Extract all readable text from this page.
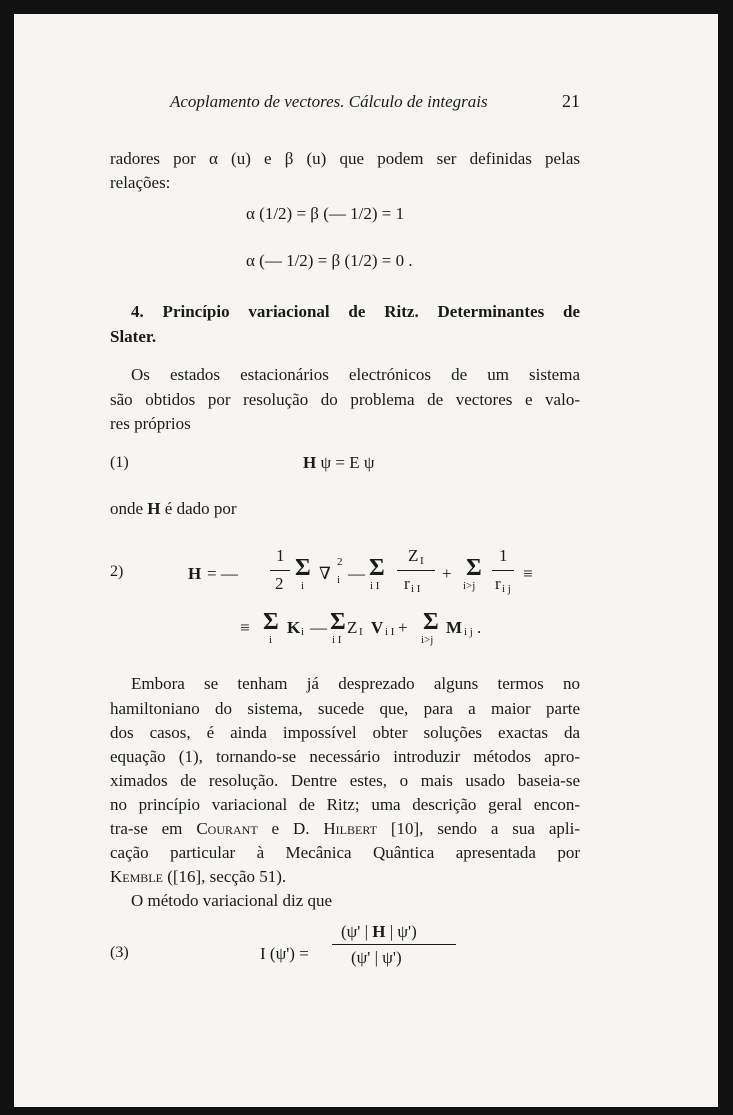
Acoplamento de vectores. Cálculo de integrais	21
radores por α (u) e β (u) que podem ser definidas pelas
relações:
α (1/2) = β (— 1/2) = 1
α (— 1/2) = β (1/2) = 0 .
4. Princípio variacional de Ritz. Determinantes de
Slater.
Os estados estacionários electrónicos de um sistema
são obtidos por resolução do problema de vectores e valo-
res próprios
(1)	H ψ = E ψ
onde H é dado por
2)	H = —
1
2
Σ
i
∇
2
i — Σ
i I
Z I
r i I
+ Σ
i>j
1
r i j
≡
≡ Σ
i
K i — Σ
i I
Z I V i I + Σ
i>j
M i j .
Embora se tenham já desprezado alguns termos no
hamiltoniano do sistema, sucede que, para a maior parte
dos casos, é ainda impossível obter soluções exactas da
equação (1), tornando-se necessário introduzir métodos apro-
ximados de resolução. Dentre estes, o mais usado baseia-se
no princípio variacional de Ritz; uma descrição geral encon-
tra-se em Courant e D. Hilbert [10], sendo a sua apli-
cação particular à Mecânica Quântica apresentada por
Kemble ([16], secção 51).
O método variacional diz que
(3)	I (ψ') =
(ψ' | H | ψ')
(ψ' | ψ')
